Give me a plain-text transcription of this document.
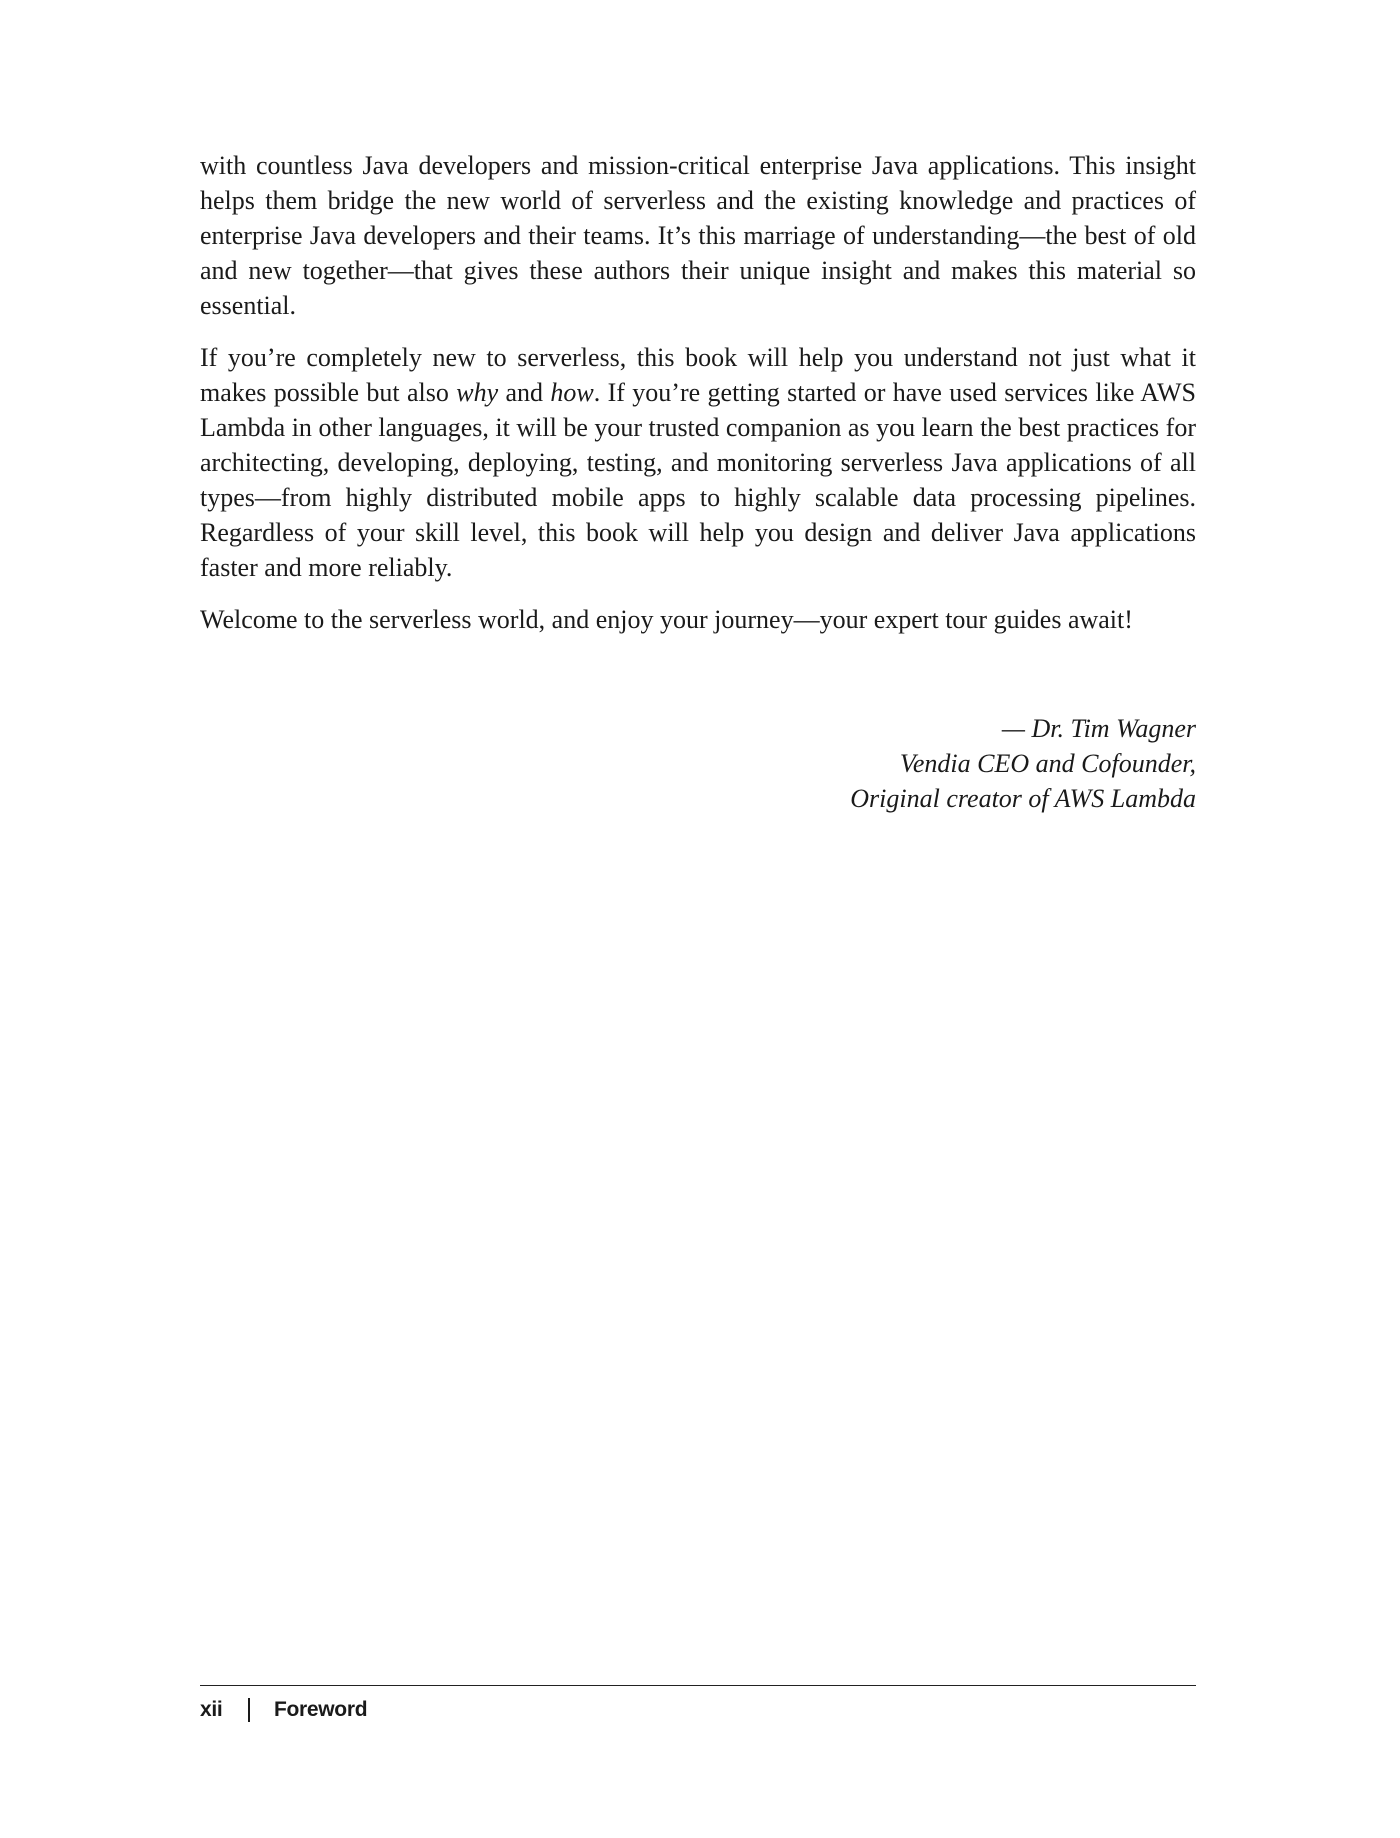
with countless Java developers and mission-critical enterprise Java applications. This insight helps them bridge the new world of serverless and the existing knowledge and practices of enterprise Java developers and their teams. It’s this marriage of understanding—the best of old and new together—that gives these authors their unique insight and makes this material so essential.

If you’re completely new to serverless, this book will help you understand not just what it makes possible but also why and how. If you’re getting started or have used services like AWS Lambda in other languages, it will be your trusted companion as you learn the best practices for architecting, developing, deploying, testing, and monitoring serverless Java applications of all types—from highly distributed mobile apps to highly scalable data processing pipelines. Regardless of your skill level, this book will help you design and deliver Java applications faster and more reliably.

Welcome to the serverless world, and enjoy your journey—your expert tour guides await!

— Dr. Tim Wagner
Vendia CEO and Cofounder,
Original creator of AWS Lambda
xii Foreword
